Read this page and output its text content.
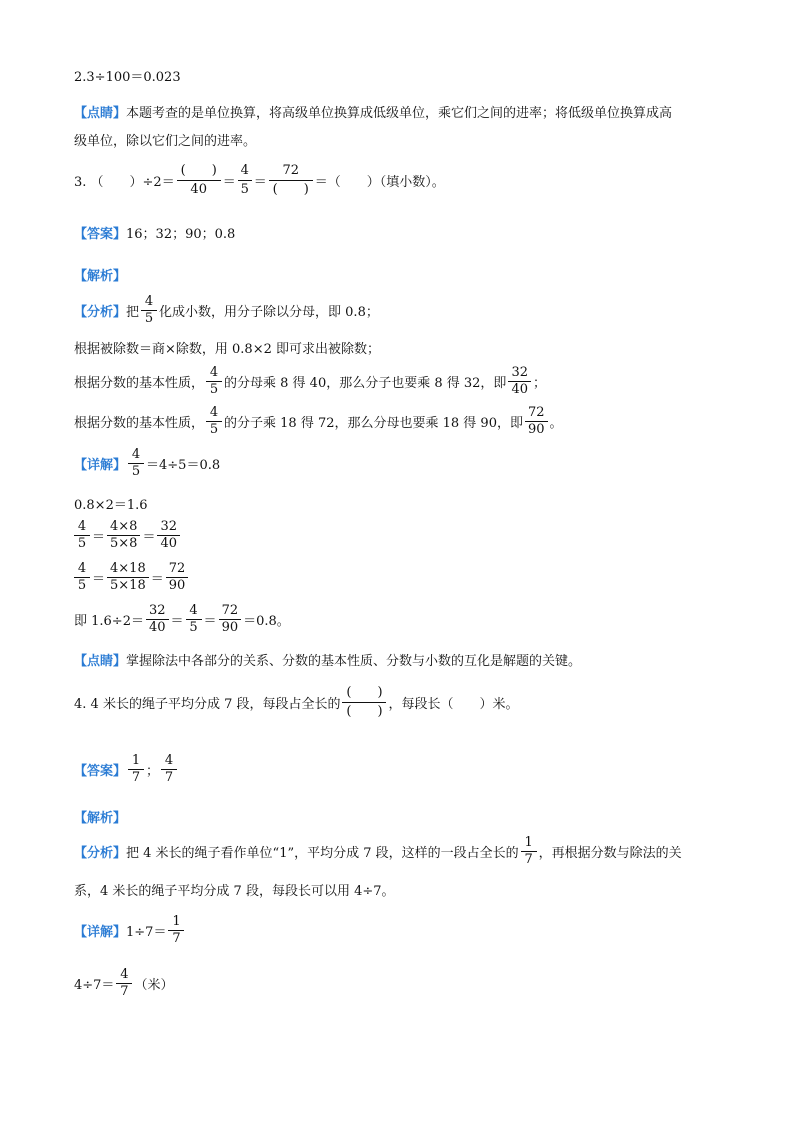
2.3÷100＝0.023
【点睛】 本题考查的是单位换算，将高级单位换算成低级单位，乘它们之间的进率；将低级单位换算成高
级单位，除以它们之间的进率。
3. （　　）÷2＝
(　　)
40	＝ $\frac{4}{5}$ ＝
72
(　　) ＝（　　）（填小数）。
【答案】 16；32；90；0.8
【解析】
【分析】 把 $\frac{4}{5}$ 化成小数，用分子除以分母，即 0.8；
根据被除数＝商×除数，用 0.8×2 即可求出被除数；
根据分数的基本性质， $\frac{4}{5}$ 的分母乘 8 得 40，那么分子也要乘 8 得 32，即 $\frac{32}{40}$ ；
根据分数的基本性质， $\frac{4}{5}$ 的分子乘 18 得 72，那么分母也要乘 18 得 90，即 $\frac{72}{90}$ 。
【详解】 $\frac{4}{5} =4\div 5=0.8$
0.8×2＝1.6
$\frac{4}{5} = \frac{4\times 8}{5\times 8} = \frac{32}{40}$
$\frac{4}{5} = \frac{4\times 18}{5\times 18} = \frac{72}{90}$
即 $1.6\div 2= \frac{32}{40} = \frac{4}{5} = \frac{72}{90} =0.8$。
【点睛】 掌握除法中各部分的关系、分数的基本性质、分数与小数的互化是解题的关键。
4. 4 米长的绳子平均分成 7 段，每段占全长的
(　　)
(　　) ，每段长（　　）米。
【答案】 $\frac{1}{7}$ ； $\frac{4}{7}$
【解析】
【分析】 把 4 米长的绳子看作单位“1”，平均分成 7 段，这样的一段占全长的 $\frac{1}{7}$ ，再根据分数与除法的关
系，4 米长的绳子平均分成 7 段，每段长可以用 4÷7。
【详解】 $1\div 7= \frac{1}{7}$
$4\div 7= \frac{4}{7}$ （米）
